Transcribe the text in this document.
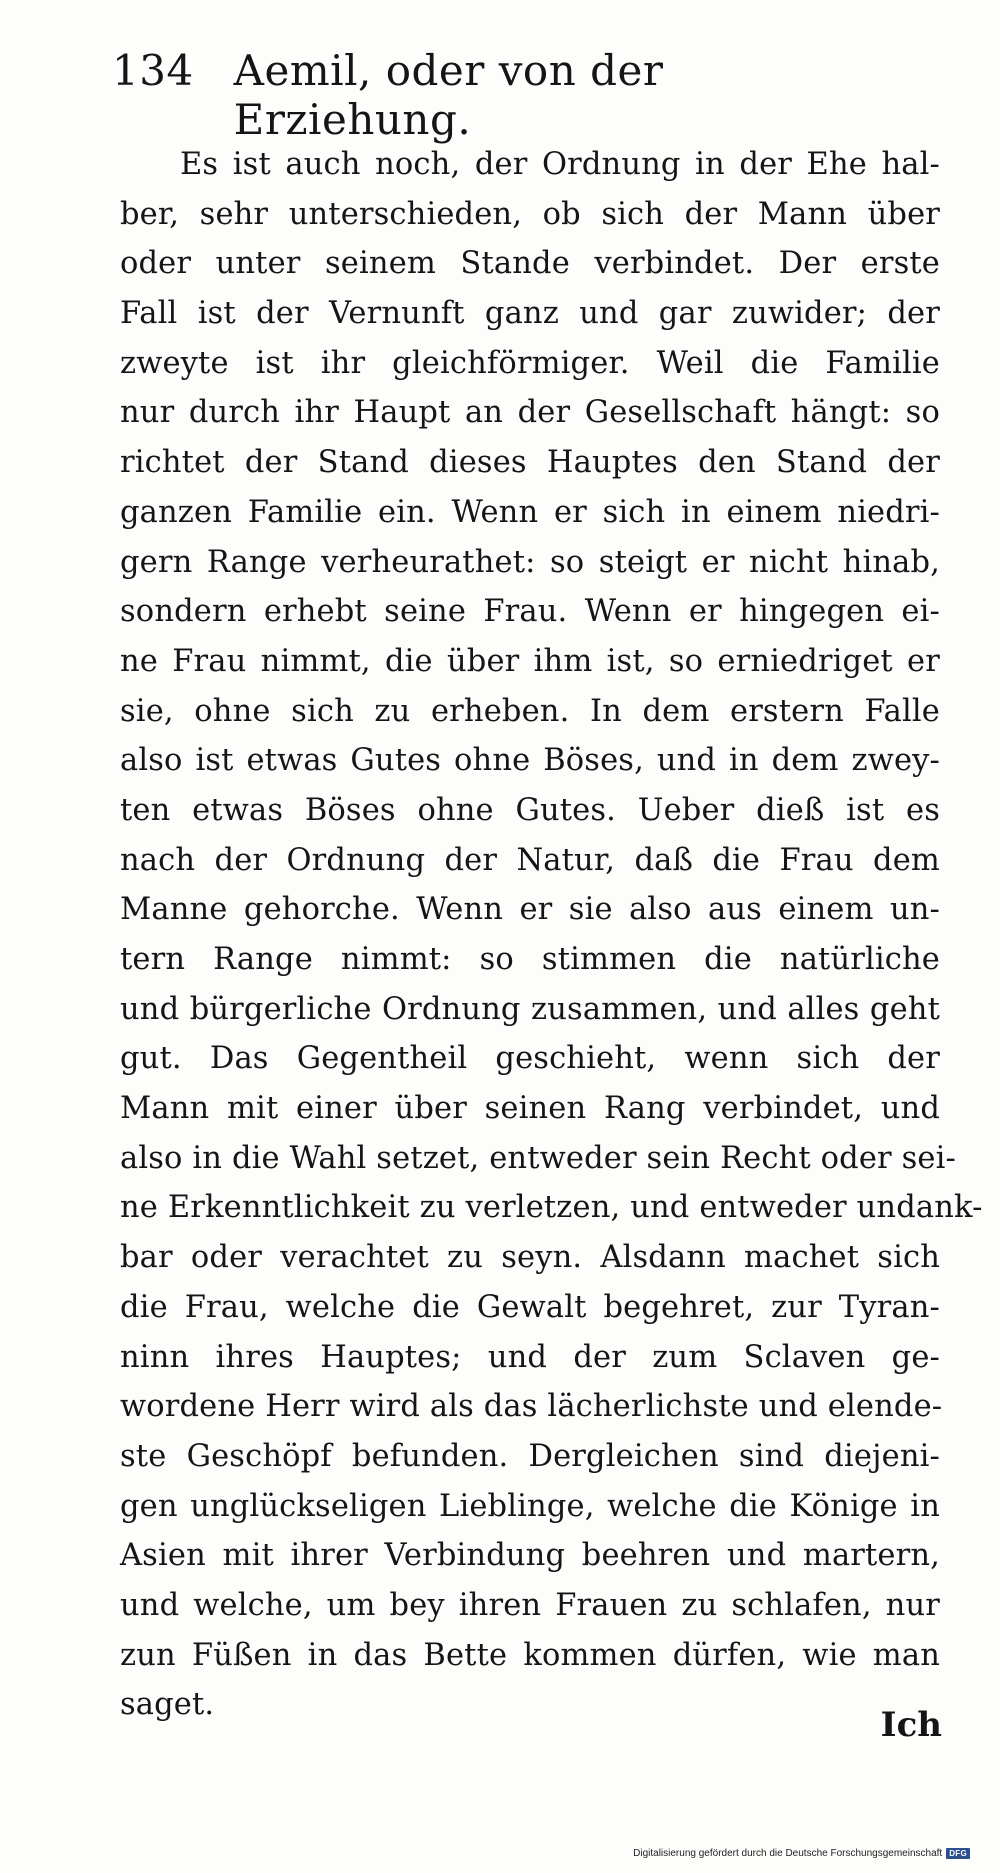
134 Aemil, oder von der Erziehung.
Es ist auch noch, der Ordnung in der Ehe hal-
ber, sehr unterschieden, ob sich der Mann über
oder unter seinem Stande verbindet. Der erste
Fall ist der Vernunft ganz und gar zuwider; der
zweyte ist ihr gleichförmiger. Weil die Familie
nur durch ihr Haupt an der Gesellschaft hängt: so
richtet der Stand dieses Hauptes den Stand der
ganzen Familie ein. Wenn er sich in einem niedri-
gern Range verheurathet: so steigt er nicht hinab,
sondern erhebt seine Frau. Wenn er hingegen ei-
ne Frau nimmt, die über ihm ist, so erniedriget er
sie, ohne sich zu erheben. In dem erstern Falle
also ist etwas Gutes ohne Böses, und in dem zwey-
ten etwas Böses ohne Gutes. Ueber dieß ist es
nach der Ordnung der Natur, daß die Frau dem
Manne gehorche. Wenn er sie also aus einem un-
tern Range nimmt: so stimmen die natürliche
und bürgerliche Ordnung zusammen, und alles geht
gut. Das Gegentheil geschieht, wenn sich der
Mann mit einer über seinen Rang verbindet, und
also in die Wahl setzet, entweder sein Recht oder sei-
ne Erkenntlichkeit zu verletzen, und entweder undank-
bar oder verachtet zu seyn. Alsdann machet sich
die Frau, welche die Gewalt begehret, zur Tyran-
ninn ihres Hauptes; und der zum Sclaven ge-
wordene Herr wird als das lächerlichste und elende-
ste Geschöpf befunden. Dergleichen sind diejeni-
gen unglückseligen Lieblinge, welche die Könige in
Asien mit ihrer Verbindung beehren und martern,
und welche, um bey ihren Frauen zu schlafen, nur
zun Füßen in das Bette kommen dürfen, wie man
saget.
Ich
Digitalisierung gefördert durch die Deutsche Forschungsgemeinschaft DFG
